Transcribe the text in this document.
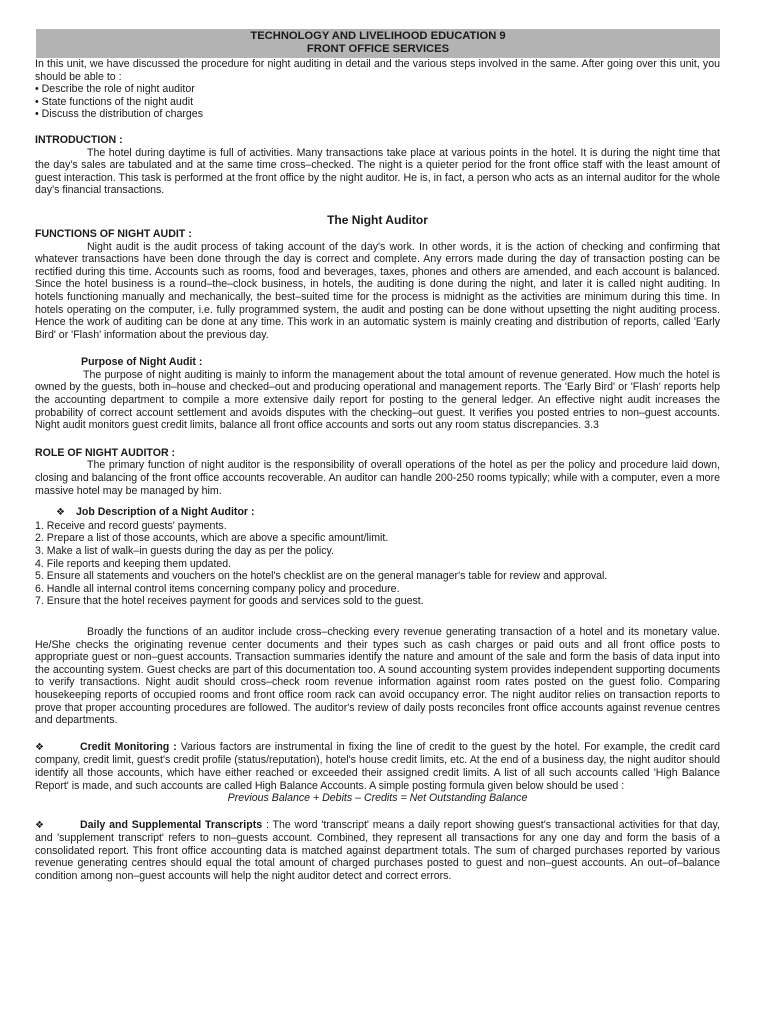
TECHNOLOGY AND LIVELIHOOD EDUCATION 9
FRONT OFFICE SERVICES

In this unit, we have discussed the procedure for night auditing in detail and the various steps involved in the same. After going over this unit, you should be able to :

• Describe the role of night auditor
• State functions of the night audit
• Discuss the distribution of charges

INTRODUCTION :

The hotel during daytime is full of activities. Many transactions take place at various points in the hotel. It is during the night time that the day's sales are tabulated and at the same time cross–checked. The night is a quieter period for the front office staff with the least amount of guest interaction. This task is performed at the front office by the night auditor. He is, in fact, a person who acts as an internal auditor for the whole day's financial transactions.

The Night Auditor

FUNCTIONS OF NIGHT AUDIT :

Night audit is the audit process of taking account of the day's work. In other words, it is the action of checking and confirming that whatever transactions have been done through the day is correct and complete. Any errors made during the day of transaction posting can be rectified during this time. Accounts such as rooms, food and beverages, taxes, phones and others are amended, and each account is balanced. Since the hotel business is a round–the–clock business, in hotels, the auditing is done during the night, and later it is called night auditing. In hotels functioning manually and mechanically, the best–suited time for the process is midnight as the activities are minimum during this time. In hotels operating on the computer, i.e. fully programmed system, the audit and posting can be done without upsetting the night auditing process. Hence the work of auditing can be done at any time. This work in an automatic system is mainly creating and distribution of reports, called 'Early Bird' or 'Flash' information about the previous day.

Purpose of Night Audit :

The purpose of night auditing is mainly to inform the management about the total amount of revenue generated. How much the hotel is owned by the guests, both in–house and checked–out and producing operational and management reports. The 'Early Bird' or 'Flash' reports help the accounting department to compile a more extensive daily report for posting to the general ledger. An effective night audit increases the probability of correct account settlement and avoids disputes with the checking–out guest. It verifies you posted entries to non–guest accounts. Night audit monitors guest credit limits, balance all front office accounts and sorts out any room status discrepancies. 3.3

ROLE OF NIGHT AUDITOR :

The primary function of night auditor is the responsibility of overall operations of the hotel as per the policy and procedure laid down, closing and balancing of the front office accounts recoverable. An auditor can handle 200-250 rooms typically; while with a computer, even a more massive hotel may be managed by him.

❖ Job Description of a Night Auditor :

1. Receive and record guests' payments.
2. Prepare a list of those accounts, which are above a specific amount/limit.
3. Make a list of walk–in guests during the day as per the policy.
4. File reports and keeping them updated.
5. Ensure all statements and vouchers on the hotel's checklist are on the general manager's table for review and approval.
6. Handle all internal control items concerning company policy and procedure.
7. Ensure that the hotel receives payment for goods and services sold to the guest.

Broadly the functions of an auditor include cross–checking every revenue generating transaction of a hotel and its monetary value. He/She checks the originating revenue center documents and their types such as cash charges or paid outs and all front office posts to appropriate guest or non–guest accounts. Transaction summaries identify the nature and amount of the sale and form the basis of data input into the accounting system. Guest checks are part of this documentation too. A sound accounting system provides independent supporting documents to verify transactions. Night audit should cross–check room revenue information against room rates posted on the guest folio. Comparing housekeeping reports of occupied rooms and front office room rack can avoid occupancy error. The night auditor relies on transaction reports to prove that proper accounting procedures are followed. The auditor's review of daily posts reconciles front office accounts against revenue centres and departments.

❖	Credit Monitoring : Various factors are instrumental in fixing the line of credit to the guest by the hotel. For example, the credit card company, credit limit, guest's credit profile (status/reputation), hotel's house credit limits, etc. At the end of a business day, the night auditor should identify all those accounts, which have either reached or exceeded their assigned credit limits. A list of all such accounts called 'High Balance Report' is made, and such accounts are called High Balance Accounts. A simple posting formula given below should be used :

Previous Balance + Debits – Credits = Net Outstanding Balance

❖	Daily and Supplemental Transcripts : The word 'transcript' means a daily report showing guest's transactional activities for that day, and 'supplement transcript' refers to non–guests account. Combined, they represent all transactions for any one day and form the basis of a consolidated report. This front office accounting data is matched against department totals. The sum of charged purchases reported by various revenue generating centres should equal the total amount of charged purchases posted to guest and non–guest accounts. An out–of–balance condition among non–guest accounts will help the night auditor detect and correct errors.
